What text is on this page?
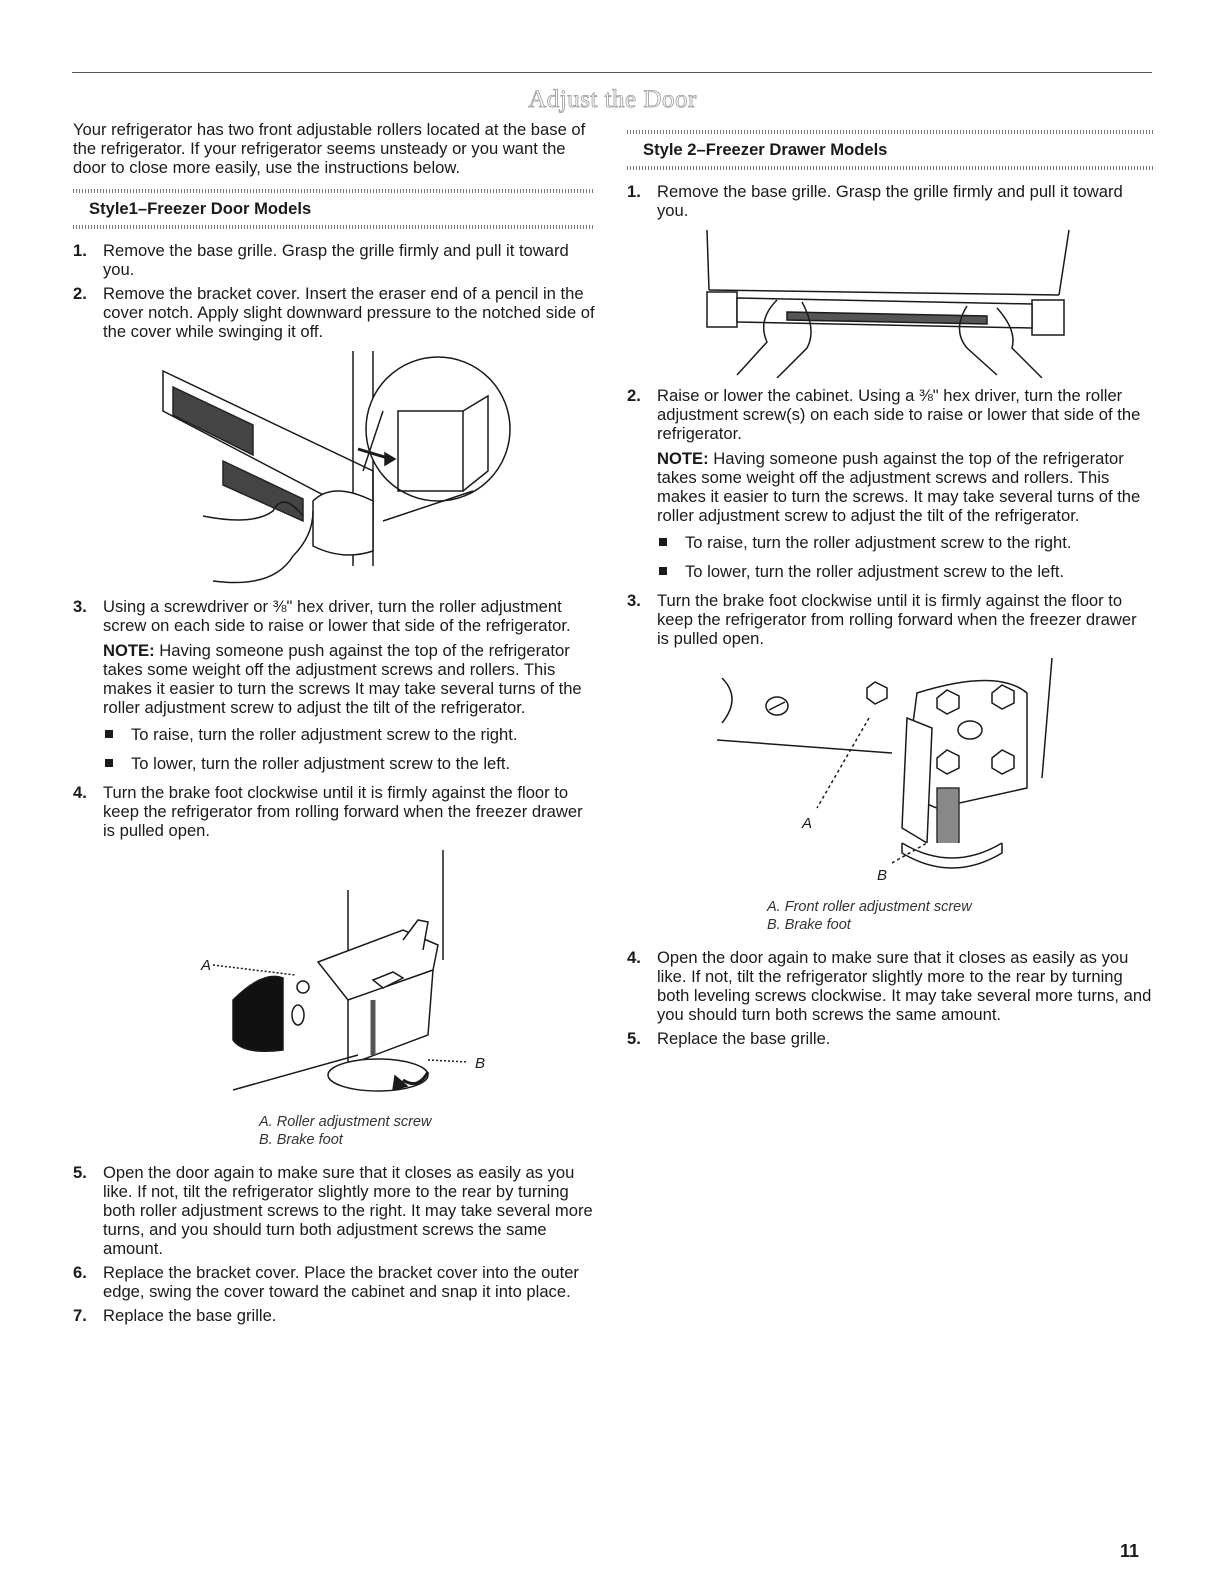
Adjust the Door

Your refrigerator has two front adjustable rollers located at the base of the refrigerator. If your refrigerator seems unsteady or you want the door to close more easily, use the instructions below.

Style1–Freezer Door Models
1. Remove the base grille. Grasp the grille firmly and pull it toward you.
2. Remove the bracket cover. Insert the eraser end of a pencil in the cover notch. Apply slight downward pressure to the notched side of the cover while swinging it off.
3. Using a screwdriver or ⅜" hex driver, turn the roller adjustment screw on each side to raise or lower that side of the refrigerator.

NOTE: Having someone push against the top of the refrigerator takes some weight off the adjustment screws and rollers. This makes it easier to turn the screws It may take several turns of the roller adjustment screw to adjust the tilt of the refrigerator.

To raise, turn the roller adjustment screw to the right.
To lower, turn the roller adjustment screw to the left.
4. Turn the brake foot clockwise until it is firmly against the floor to keep the refrigerator from rolling forward when the freezer drawer is pulled open.
A
B
A. Roller adjustment screw
B. Brake foot
5. Open the door again to make sure that it closes as easily as you like. If not, tilt the refrigerator slightly more to the rear by turning both roller adjustment screws to the right. It may take several more turns, and you should turn both adjustment screws the same amount.
6. Replace the bracket cover. Place the bracket cover into the outer edge, swing the cover toward the cabinet and snap it into place.
7. Replace the base grille.
Style 2–Freezer Drawer Models
1. Remove the base grille. Grasp the grille firmly and pull it toward you.
2. Raise or lower the cabinet. Using a ⅜" hex driver, turn the roller adjustment screw(s) on each side to raise or lower that side of the refrigerator.

NOTE: Having someone push against the top of the refrigerator takes some weight off the adjustment screws and rollers. This makes it easier to turn the screws. It may take several turns of the roller adjustment screw to adjust the tilt of the refrigerator.

To raise, turn the roller adjustment screw to the right.
To lower, turn the roller adjustment screw to the left.
3. Turn the brake foot clockwise until it is firmly against the floor to keep the refrigerator from rolling forward when the freezer drawer is pulled open.
A
B
A. Front roller adjustment screw
B. Brake foot
4. Open the door again to make sure that it closes as easily as you like. If not, tilt the refrigerator slightly more to the rear by turning both leveling screws clockwise. It may take several more turns, and you should turn both screws the same amount.
5. Replace the base grille.
11
